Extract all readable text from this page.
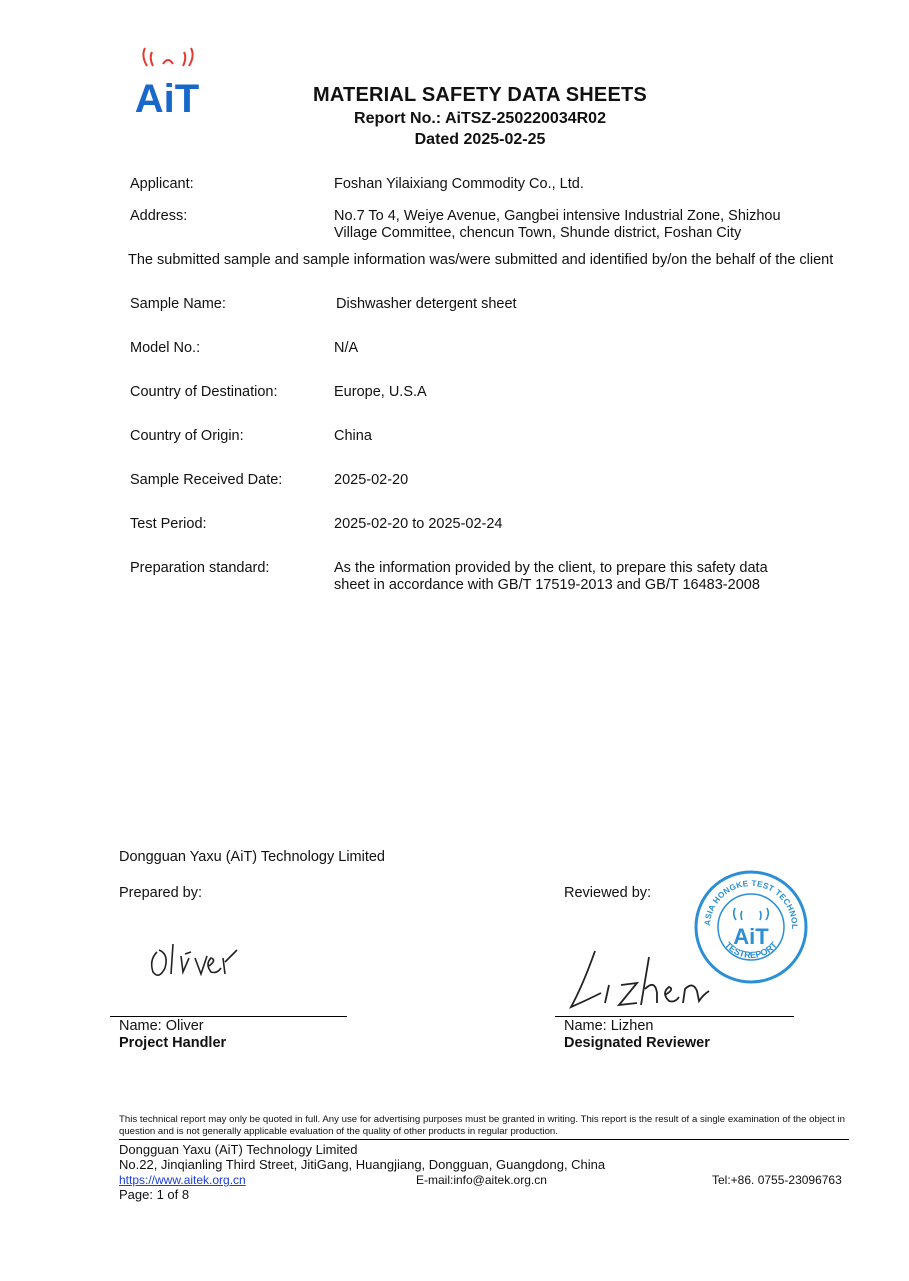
AiT	MATERIAL SAFETY DATA SHEETS
Report No.: AiTSZ-250220034R02
Dated 2025-02-25
Applicant:	Foshan Yilaixiang Commodity Co., Ltd.
Address:	No.7 To 4, Weiye Avenue, Gangbei intensive Industrial Zone, Shizhou
Village Committee, chencun Town, Shunde district, Foshan City
The submitted sample and sample information was/were submitted and identified by/on the behalf of the client
Sample Name:	Dishwasher detergent sheet
Model No.:	N/A
Country of Destination:	Europe, U.S.A
Country of Origin:	China
Sample Received Date:	2025-02-20
Test Period:	2025-02-20 to 2025-02-24
Preparation standard:	As the information provided by the client, to prepare this safety data
sheet in accordance with GB/T 17519-2013 and GB/T 16483-2008
Dongguan Yaxu (AiT) Technology Limited
Prepared by:	Reviewed by:
ASIA HONGKE TEST TECHNOL
TESTREPORT
AiT
Name: Oliver
Project Handler
Name: Lizhen
Designated Reviewer
This technical report may only be quoted in full. Any use for advertising purposes must be granted in writing. This report is the result of a single examination of the object in question and is not generally applicable evaluation of the quality of other products in regular production.
Dongguan Yaxu (AiT) Technology Limited
No.22, Jinqianling Third Street, JitiGang, Huangjiang, Dongguan, Guangdong, China
https://www.aitek.org.cn	E-mail:info@aitek.org.cn	Tel:+86. 0755-23096763
Page: 1 of 8
